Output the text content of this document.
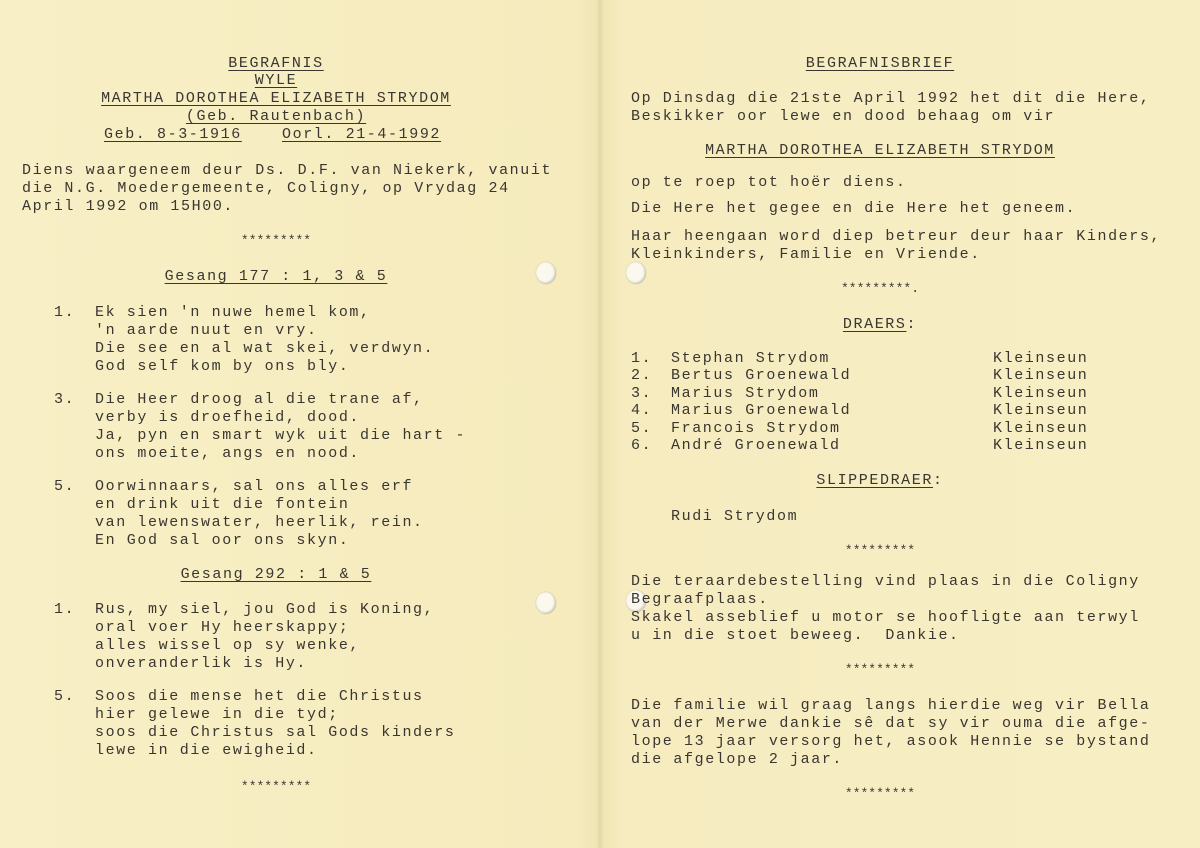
BEGRAFNIS
WYLE
MARTHA DOROTHEA ELIZABETH STRYDOM
(Geb. Rautenbach)
Geb. 8-3-1916	Oorl. 21-4-1992
Diens waargeneem deur Ds. D.F. van Niekerk, vanuit
die N.G. Moedergemeente, Coligny, op Vrydag 24
April 1992 om 15H00.
*********
Gesang 177 : 1, 3 & 5
1. Ek sien 'n nuwe hemel kom,
'n aarde nuut en vry.
Die see en al wat skei, verdwyn.
God self kom by ons bly.
3. Die Heer droog al die trane af,
verby is droefheid, dood.
Ja, pyn en smart wyk uit die hart -
ons moeite, angs en nood.
5. Oorwinnaars, sal ons alles erf
en drink uit die fontein
van lewenswater, heerlik, rein.
En God sal oor ons skyn.
Gesang 292 : 1 & 5
1. Rus, my siel, jou God is Koning,
oral voer Hy heerskappy;
alles wissel op sy wenke,
onveranderlik is Hy.
5. Soos die mense het die Christus
hier gelewe in die tyd;
soos die Christus sal Gods kinders
lewe in die ewigheid.
*********
BEGRAFNISBRIEF
Op Dinsdag die 21ste April 1992 het dit die Here,
Beskikker oor lewe en dood behaag om vir
MARTHA DOROTHEA ELIZABETH STRYDOM
op te roep tot hoër diens.
Die Here het gegee en die Here het geneem.
Haar heengaan word diep betreur deur haar Kinders,
Kleinkinders, Familie en Vriende.
*********.
DRAERS:
1. Stephan Strydom	Kleinseun
2. Bertus Groenewald	Kleinseun
3. Marius Strydom	Kleinseun
4. Marius Groenewald	Kleinseun
5. Francois Strydom	Kleinseun
6. André Groenewald	Kleinseun
SLIPPEDRAER:
Rudi Strydom
*********
Die teraardebestelling vind plaas in die Coligny
Begraafplaas.
Skakel asseblief u motor se hoofligte aan terwyl
u in die stoet beweeg.  Dankie.
*********
Die familie wil graag langs hierdie weg vir Bella
van der Merwe dankie sê dat sy vir ouma die afge-
lope 13 jaar versorg het, asook Hennie se bystand
die afgelope 2 jaar.
*********
